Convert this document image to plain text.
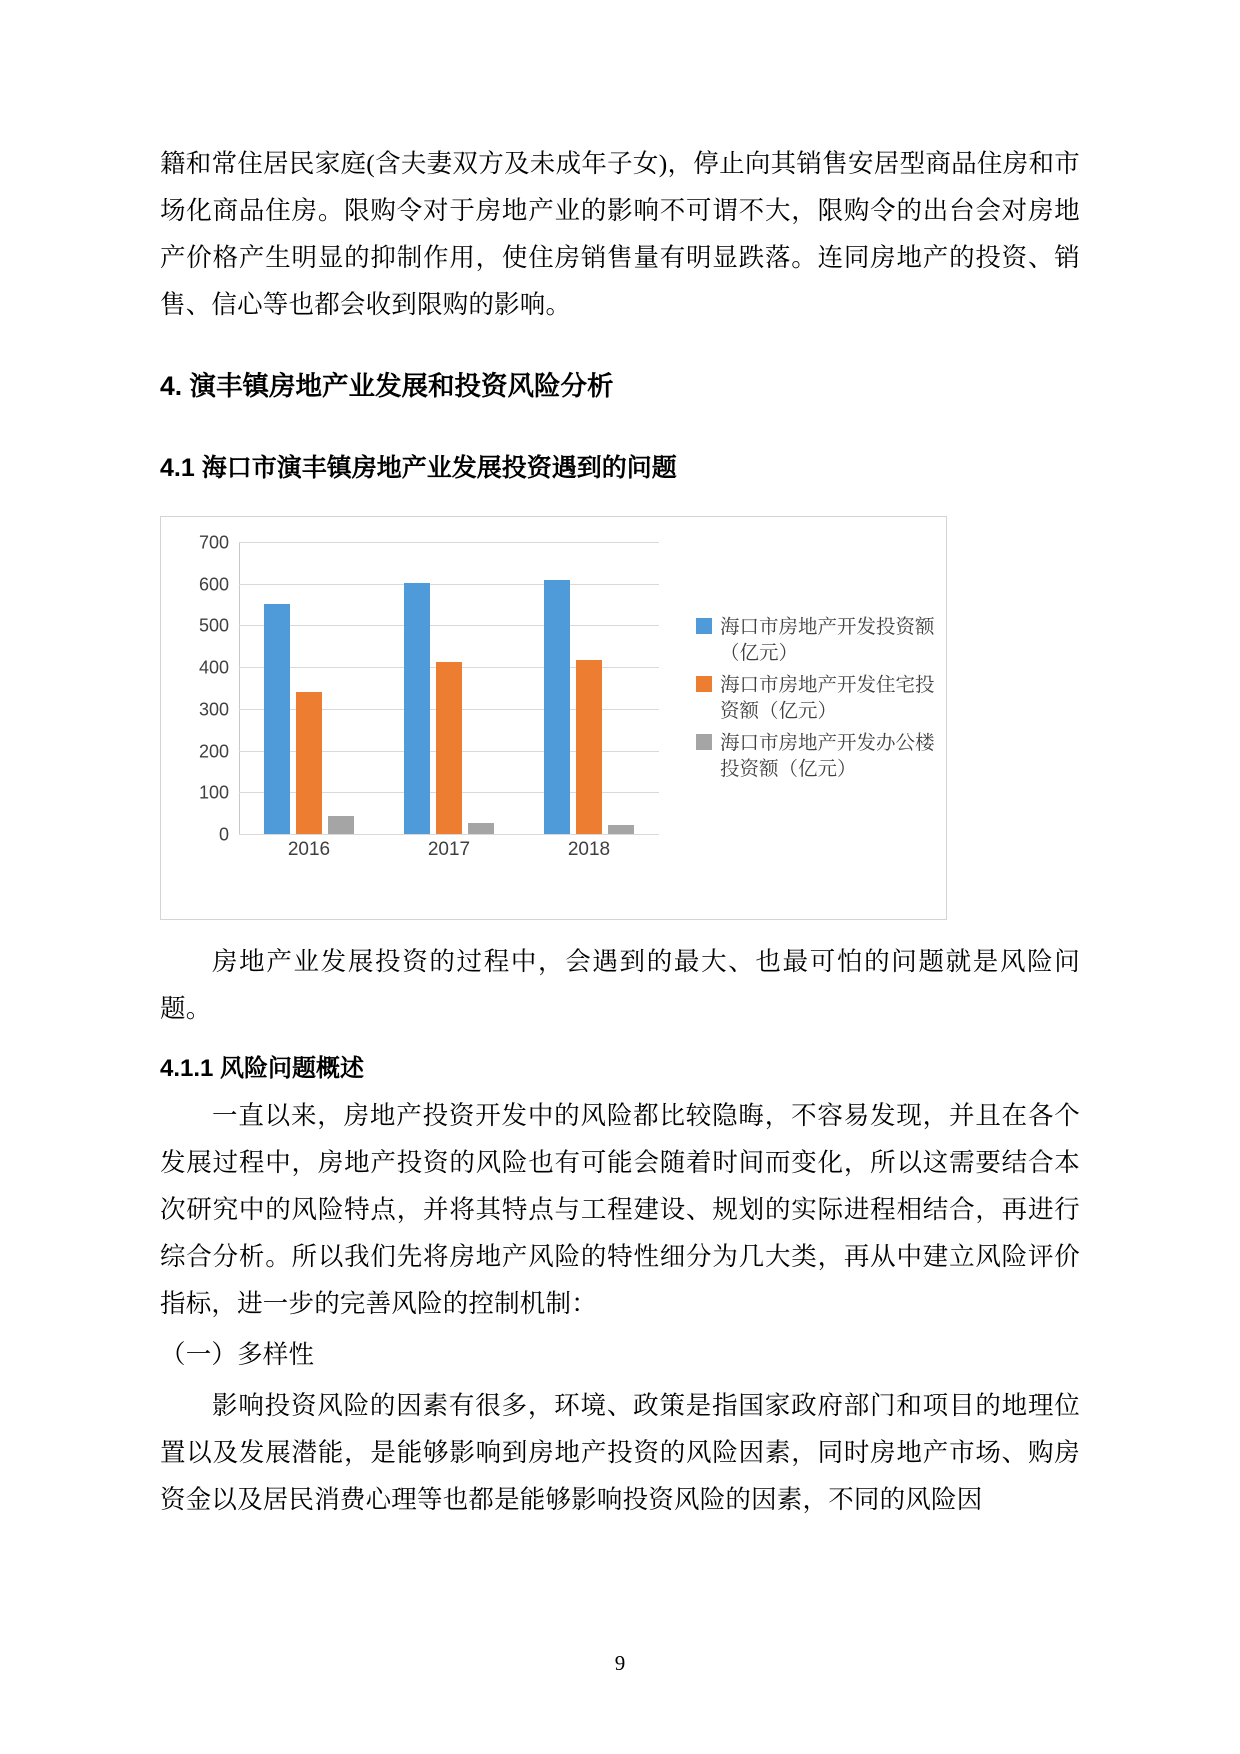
籍和常住居民家庭(含夫妻双方及未成年子女)，停止向其销售安居型商品住房和市场化商品住房。限购令对于房地产业的影响不可谓不大，限购令的出台会对房地产价格产生明显的抑制作用，使住房销售量有明显跌落。连同房地产的投资、销售、信心等也都会收到限购的影响。

4. 演丰镇房地产业发展和投资风险分析
4.1 海口市演丰镇房地产业发展投资遇到的问题
700
600
500
400
300
200
100
0
2016	2017	2018
海口市房地产开发投资额（亿元）
海口市房地产开发住宅投资额（亿元）
海口市房地产开发办公楼投资额（亿元）

房地产业发展投资的过程中，会遇到的最大、也最可怕的问题就是风险问题。

4.1.1 风险问题概述

一直以来，房地产投资开发中的风险都比较隐晦，不容易发现，并且在各个发展过程中，房地产投资的风险也有可能会随着时间而变化，所以这需要结合本次研究中的风险特点，并将其特点与工程建设、规划的实际进程相结合，再进行综合分析。所以我们先将房地产风险的特性细分为几大类，再从中建立风险评价指标，进一步的完善风险的控制机制：

（一）多样性

影响投资风险的因素有很多，环境、政策是指国家政府部门和项目的地理位置以及发展潜能，是能够影响到房地产投资的风险因素，同时房地产市场、购房资金以及居民消费心理等也都是能够影响投资风险的因素，不同的风险因

9
